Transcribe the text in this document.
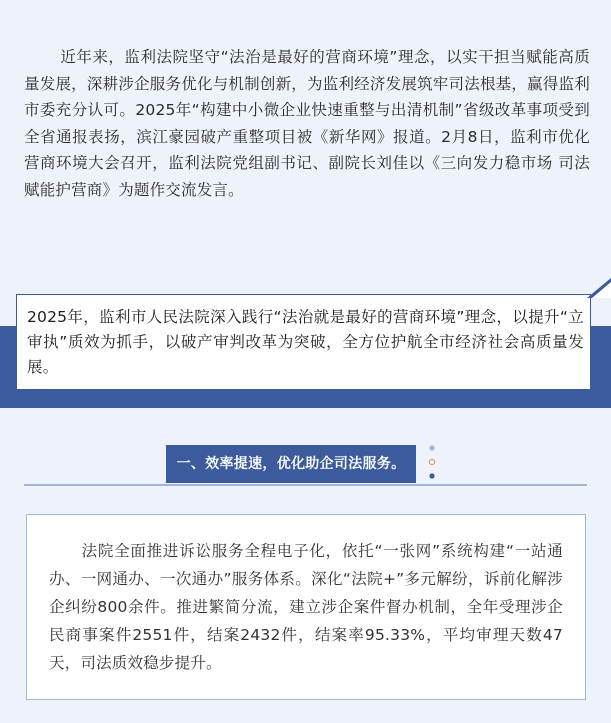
近年来，监利法院坚守“法治是最好的营商环境”理念，以实干担当赋能高质量发展，深耕涉企服务优化与机制创新，为监利经济发展筑牢司法根基，赢得监利市委充分认可。2025年“构建中小微企业快速重整与出清机制”省级改革事项受到全省通报表扬，滨江豪园破产重整项目被《新华网》报道。2月8日，监利市优化营商环境大会召开，监利法院党组副书记、副院长刘佳以《三向发力稳市场 司法赋能护营商》为题作交流发言。
2025年，监利市人民法院深入践行“法治就是最好的营商环境”理念，以提升“立审执”质效为抓手，以破产审判改革为突破，全方位护航全市经济社会高质量发展。
一、效率提速，优化助企司法服务。
法院全面推进诉讼服务全程电子化，依托“一张网”系统构建“一站通办、一网通办、一次通办”服务体系。深化“法院+”多元解纷，诉前化解涉企纠纷800余件。推进繁简分流，建立涉企案件督办机制，全年受理涉企民商事案件2551件，结案2432件，结案率95.33%，平均审理天数47天，司法质效稳步提升。
